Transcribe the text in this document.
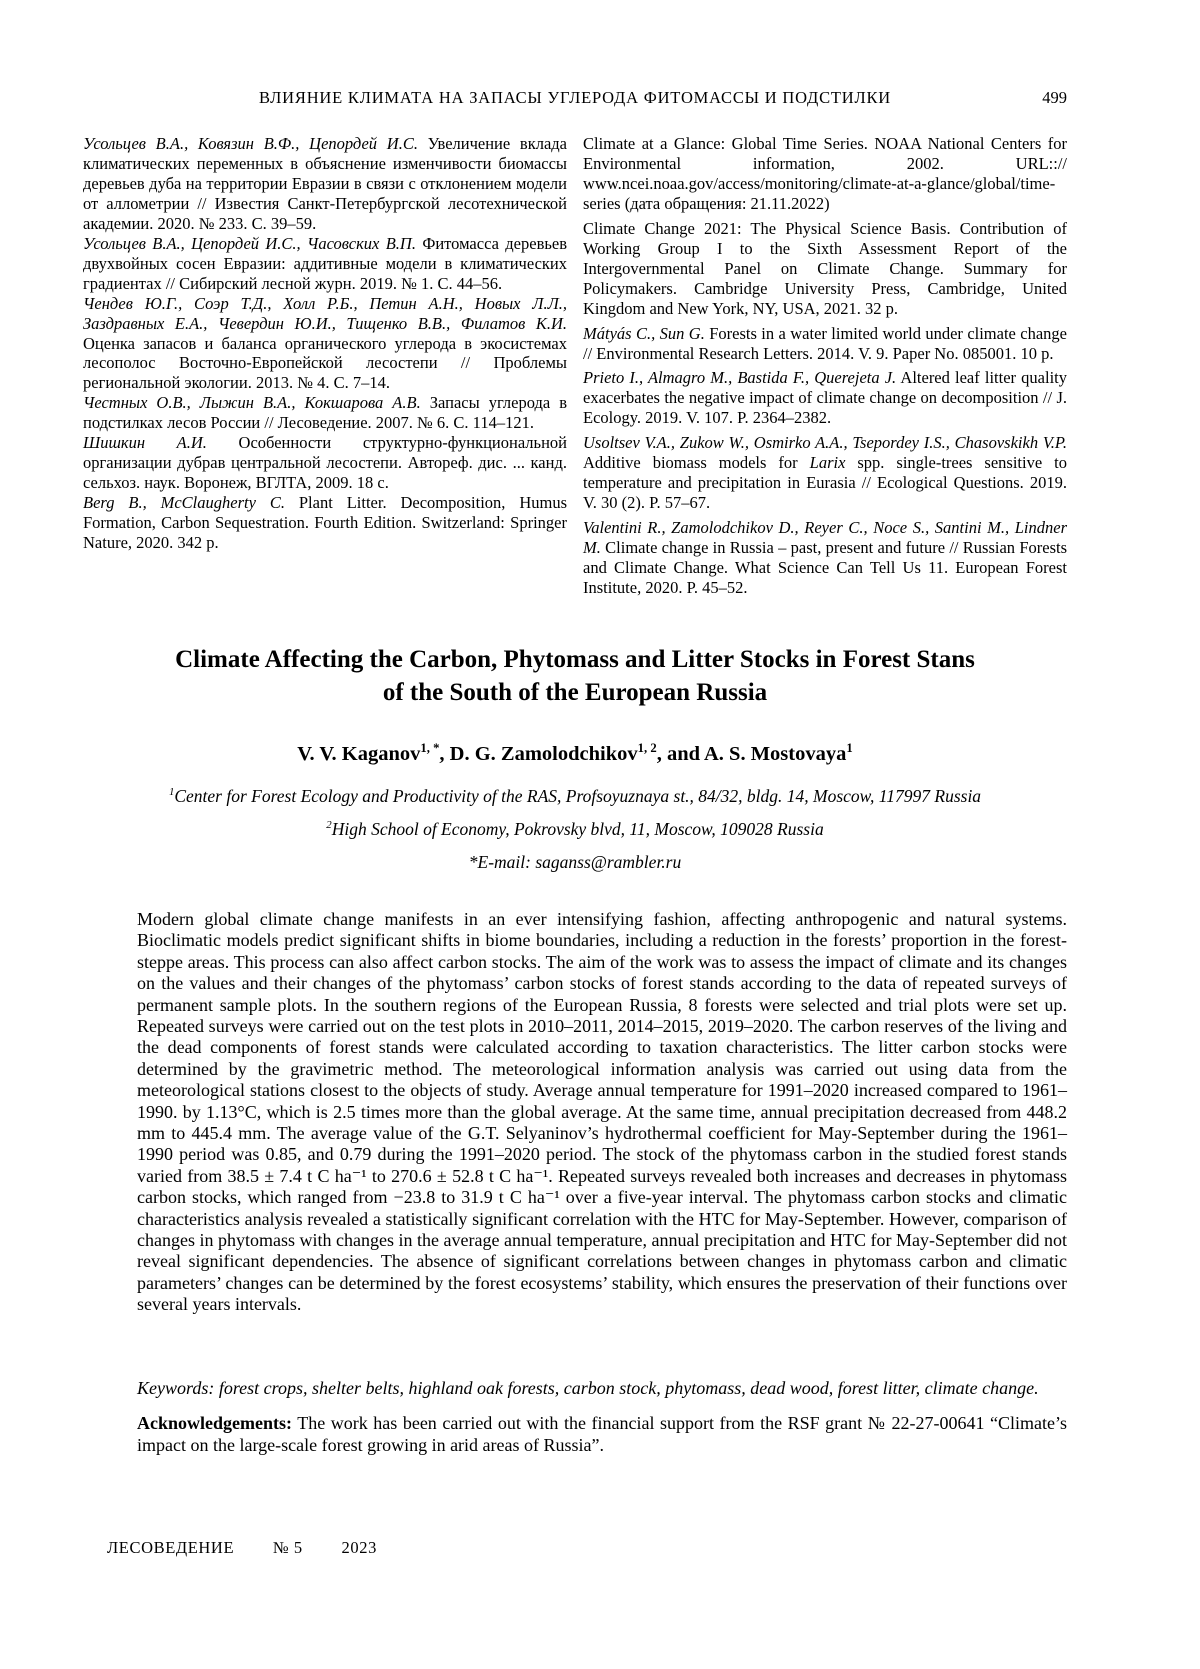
ВЛИЯНИЕ КЛИМАТА НА ЗАПАСЫ УГЛЕРОДА ФИТОМАССЫ И ПОДСТИЛКИ	499

Усольцев В.А., Ковязин В.Ф., Цепордей И.С. Увеличение вклада климатических переменных в объяснение изменчивости биомассы деревьев дуба на территории Евразии в связи с отклонением модели от аллометрии // Известия Санкт-Петербургской лесотехнической академии. 2020. № 233. С. 39–59.

Усольцев В.А., Цепордей И.С., Часовских В.П. Фитомасса деревьев двухвойных сосен Евразии: аддитивные модели в климатических градиентах // Сибирский лесной журн. 2019. № 1. С. 44–56.

Чендев Ю.Г., Соэр Т.Д., Холл Р.Б., Петин А.Н., Новых Л.Л., Заздравных Е.А., Чевердин Ю.И., Тищенко В.В., Филатов К.И. Оценка запасов и баланса органического углерода в экосистемах лесополос Восточно-Европейской лесостепи // Проблемы региональной экологии. 2013. № 4. С. 7–14.

Честных О.В., Лыжин В.А., Кокшарова А.В. Запасы углерода в подстилках лесов России // Лесоведение. 2007. № 6. С. 114–121.

Шишкин А.И. Особенности структурно-функциональной организации дубрав центральной лесостепи. Автореф. дис. ... канд. сельхоз. наук. Воронеж, ВГЛТА, 2009. 18 с.

Berg B., McClaugherty C. Plant Litter. Decomposition, Humus Formation, Carbon Sequestration. Fourth Edition. Switzerland: Springer Nature, 2020. 342 p.

Climate at a Glance: Global Time Series. NOAA National Centers for Environmental information, 2002. URL::// www.ncei.noaa.gov/access/monitoring/climate-at-a-glance/global/time-series (дата обращения: 21.11.2022)

Climate Change 2021: The Physical Science Basis. Contribution of Working Group I to the Sixth Assessment Report of the Intergovernmental Panel on Climate Change. Summary for Policymakers. Cambridge University Press, Cambridge, United Kingdom and New York, NY, USA, 2021. 32 p.

Mátyás C., Sun G. Forests in a water limited world under climate change // Environmental Research Letters. 2014. V. 9. Paper No. 085001. 10 p.

Prieto I., Almagro M., Bastida F., Querejeta J. Altered leaf litter quality exacerbates the negative impact of climate change on decomposition // J. Ecology. 2019. V. 107. P. 2364–2382.

Usoltsev V.A., Zukow W., Osmirko A.A., Tsepordey I.S., Chasovskikh V.P. Additive biomass models for Larix spp. single-trees sensitive to temperature and precipitation in Eurasia // Ecological Questions. 2019. V. 30 (2). P. 57–67.

Valentini R., Zamolodchikov D., Reyer C., Noce S., Santini M., Lindner M. Climate change in Russia – past, present and future // Russian Forests and Climate Change. What Science Can Tell Us 11. European Forest Institute, 2020. P. 45–52.

Climate Affecting the Carbon, Phytomass and Litter Stocks in Forest Stans
of the South of the European Russia
V. V. Kaganov$^{1, *}$, D. G. Zamolodchikov$^{1, 2}$, and A. S. Mostovaya$^1$
$^1$Center for Forest Ecology and Productivity of the RAS, Profsoyuznaya st., 84/32, bldg. 14, Moscow, 117997 Russia
$^2$High School of Economy, Pokrovsky blvd, 11, Moscow, 109028 Russia
*E-mail: saganss@rambler.ru
Modern global climate change manifests in an ever intensifying fashion, affecting anthropogenic and natural systems. Bioclimatic models predict significant shifts in biome boundaries, including a reduction in the forests’ proportion in the forest-steppe areas. This process can also affect carbon stocks. The aim of the work was to assess the impact of climate and its changes on the values and their changes of the phytomass’ carbon stocks of forest stands according to the data of repeated surveys of permanent sample plots. In the southern regions of the European Russia, 8 forests were selected and trial plots were set up. Repeated surveys were carried out on the test plots in 2010–2011, 2014–2015, 2019–2020. The carbon reserves of the living and the dead components of forest stands were calculated according to taxation characteristics. The litter carbon stocks were determined by the gravimetric method. The meteorological information analysis was carried out using data from the meteorological stations closest to the objects of study. Average annual temperature for 1991–2020 increased compared to 1961–1990. by 1.13°C, which is 2.5 times more than the global average. At the same time, annual precipitation decreased from 448.2 mm to 445.4 mm. The average value of the G.T. Selyaninov’s hydrothermal coefficient for May-September during the 1961–1990 period was 0.85, and 0.79 during the 1991–2020 period. The stock of the phytomass carbon in the studied forest stands varied from 38.5 ± 7.4 t C ha⁻¹ to 270.6 ± 52.8 t C ha⁻¹. Repeated surveys revealed both increases and decreases in phytomass carbon stocks, which ranged from −23.8 to 31.9 t C ha⁻¹ over a five-year interval. The phytomass carbon stocks and climatic characteristics analysis revealed a statistically significant correlation with the HTC for May-September. However, comparison of changes in phytomass with changes in the average annual temperature, annual precipitation and HTC for May-September did not reveal significant dependencies. The absence of significant correlations between changes in phytomass carbon and climatic parameters’ changes can be determined by the forest ecosystems’ stability, which ensures the preservation of their functions over several years intervals.
Keywords: forest crops, shelter belts, highland oak forests, carbon stock, phytomass, dead wood, forest litter, climate change.
Acknowledgements: The work has been carried out with the financial support from the RSF grant № 22-27-00641 “Climate’s impact on the large-scale forest growing in arid areas of Russia”.
ЛЕСОВЕДЕНИЕ № 5 2023
